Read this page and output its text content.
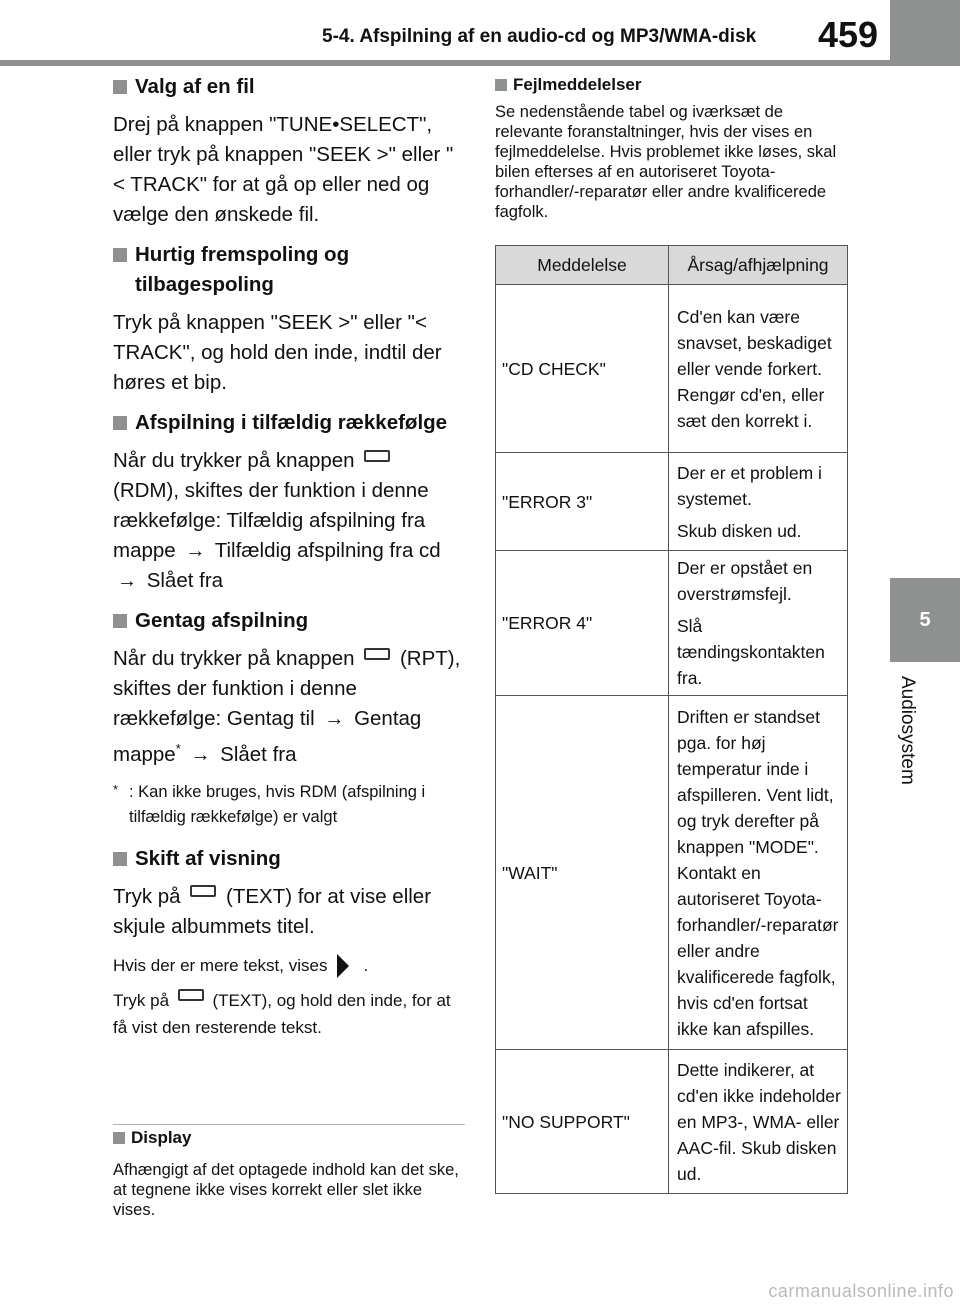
5-4. Afspilning af en audio-cd og MP3/WMA-disk 459
5
Audiosystem
Valg af en fil

Drej på knappen "TUNE•SELECT", eller tryk på knappen "SEEK >" eller "< TRACK" for at gå op eller ned og vælge den ønskede fil.

Hurtig fremspoling og tilbagespoling

Tryk på knappen "SEEK >" eller "< TRACK", og hold den inde, indtil der høres et bip.

Afspilning i tilfældig rækkefølge

Når du trykker på knappen  (RDM), skiftes der funktion i denne rækkefølge: Tilfældig afspilning fra mappe → Tilfældig afspilning fra cd → Slået fra

Gentag afspilning

Når du trykker på knappen (RPT), skiftes der funktion i denne rækkefølge: Gentag til → Gentag mappe* → Slået fra

* : Kan ikke bruges, hvis RDM (afspilning i tilfældig rækkefølge) er valgt
Skift af visning

Tryk på (TEXT) for at vise eller skjule albummets titel.

Hvis der er mere tekst, vises .

Tryk på	(TEXT), og hold den inde, for at få vist den resterende tekst.

Display
Afhængigt af det optagede indhold kan det ske, at tegnene ikke vises korrekt eller slet ikke vises.
Fejlmeddelelser
Se nedenstående tabel og iværksæt de relevante foranstaltninger, hvis der vises en fejlmeddelelse. Hvis problemet ikke løses, skal bilen efterses af en autoriseret Toyota-forhandler/-reparatør eller andre kvalificerede fagfolk.
Meddelelse	Årsag/afhjælpning
"CD CHECK"	Cd'en kan være snavset, beskadiget eller vende forkert.
Rengør cd'en, eller sæt den korrekt i.

"ERROR 3"	Der er et problem i systemet.
Skub disken ud.

"ERROR 4"	Der er opstået en overstrømsfejl.
Slå tændingskontakten fra.

"WAIT"	Driften er standset pga. for høj temperatur inde i afspilleren. Vent lidt, og tryk derefter på knappen "MODE". Kontakt en autoriseret Toyota-forhandler/-reparatør eller andre kvalificerede fagfolk, hvis cd'en fortsat ikke kan afspilles.

"NO SUPPORT"	Dette indikerer, at cd'en ikke indeholder en MP3-, WMA- eller AAC-fil. Skub disken ud.
carmanualsonline.info
